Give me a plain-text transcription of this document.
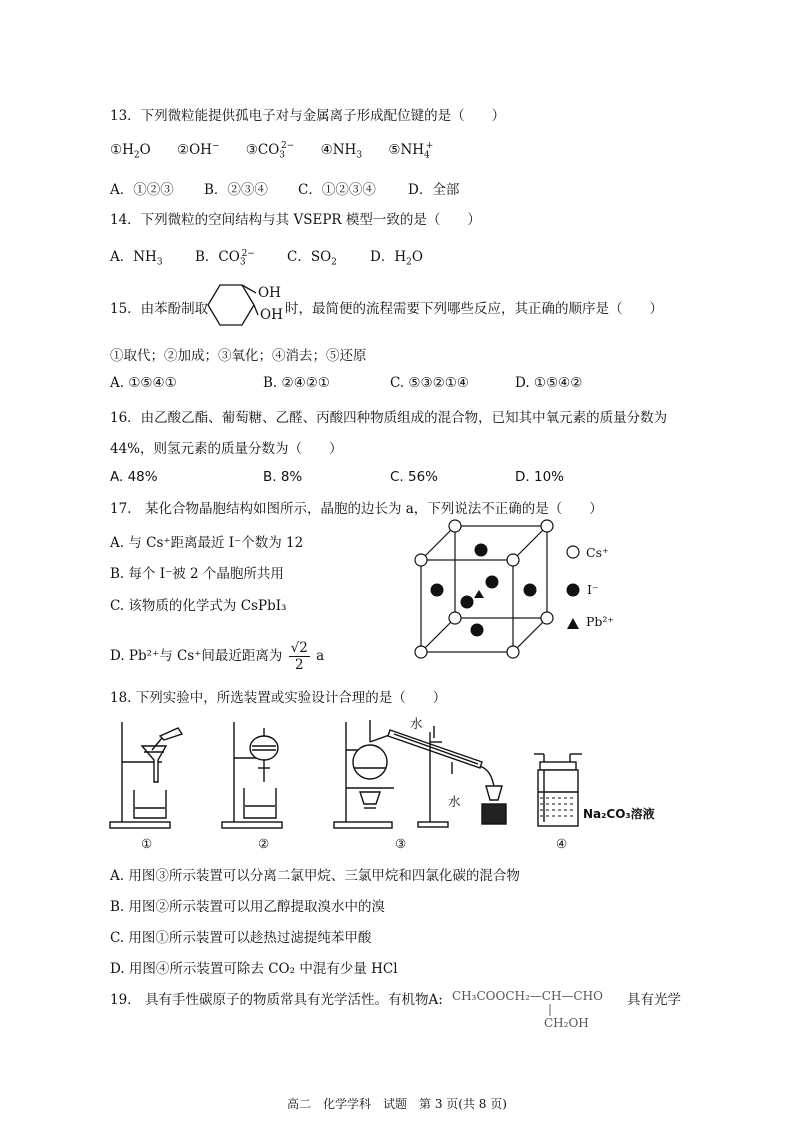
13．下列微粒能提供孤电子对与金属离子形成配位键的是（　　）
$①H_2O$ ②OH− $③CO_3^{2-}$ $④NH_3$ $⑤NH_4^+$
A．①②③ B．②③④ C．①②③④ D．全部
14．下列微粒的空间结构与其 VSEPR 模型一致的是（　　）
A．$NH_3$ B．$CO_3^{2-}$ C．$SO_2$ D．$H_2O$
15．由苯酚制取
OH
OH 时，最简便的流程需要下列哪些反应，其正确的顺序是（　　）
①取代；②加成；③氧化；④消去；⑤还原
A. ①⑤④①	B. ②④②①	C. ⑤③②①④	D. ①⑤④②
16．由乙酸乙酯、葡萄糖、乙醛、丙酸四种物质组成的混合物，已知其中氧元素的质量分数为
44%，则氢元素的质量分数为（　　）
A. 48%	B. 8%	C. 56%	D. 10%
17.　某化合物晶胞结构如图所示，晶胞的边长为 a，下列说法不正确的是（　　）
A. 与 Cs⁺距离最近 I⁻个数为 12
B. 每个 I⁻被 2 个晶胞所共用
C. 该物质的化学式为 CsPbI₃
D. Pb²⁺与 Cs⁺间最近距离为 $\frac{√2}{2}$ a
Cs⁺
I⁻
Pb²⁺
18. 下列实验中，所选装置或实验设计合理的是（　　）
水
水
Na₂CO₃溶液
①	②	③	④
A. 用图③所示装置可以分离二氯甲烷、三氯甲烷和四氯化碳的混合物
B. 用图②所示装置可以用乙醇提取溴水中的溴
C. 用图①所示装置可以趁热过滤提纯苯甲酸
D. 用图④所示装置可除去 CO₂ 中混有少量 HCl
19.　具有手性碳原子的物质常具有光学活性。有机物A: CH₃COOCH₂—CH—CHO
CH₂OH
具有光学
高二　化学学科　试题　第 3 页(共 8 页)
